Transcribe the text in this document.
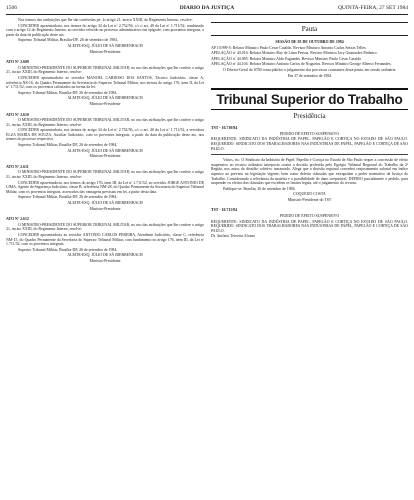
1506	DIARIO DA JUSTIÇA	QUINTA-FEIRA, 27 SET 1984

Nos termos das atribuições que lhe são conferidas pe- lo artigo 21, inciso XXIII, do Regimento Interno, resolve:

CONCEDER aposentadoria, nos termos do artigo 34 da Lei nº 2.752/56, c/c o art. 40 da Lei nº 1.711/52, combinado com o artigo 12 do Regimento Interno, ao servidor referido no processo administrativo em epígrafe, com proventos integrais, a partir da data da publicação deste ato.

Supremo Tribunal Militar, Brasília-DF, 26 de setembro de 1984.

ALMTE-ESQ. JÚLIO DE SÁ BIERRENBACH
Ministro-Presidente
ATO Nº 2.609

O MINISTRO-PRESIDENTE DO SUPERIOR TRIBUNAL MILITAR, no uso das atribuições que lhe confere o artigo 21, inciso XXIII, do Regimento Interno, resolve:

CONCEDER aposentadoria ao servidor MANOEL CARDOSO DOS SANTOS, Técnico Judiciário, classe A, referência NS-16, do Quadro Permanente da Secretaria do Superior Tribunal Militar, nos termos do artigo 176, item II, da Lei nº 1.711/52, com os proventos calculados na forma da lei.

Superior Tribunal Militar, Brasília-DF, 26 de setembro de 1984.

ALMTE-ESQ. JÚLIO DE SÁ BIERRENBACH
Ministro-Presidente
ATO Nº 2.610

O MINISTRO-PRESIDENTE DO SUPERIOR TRIBUNAL MILITAR, no uso das atribuições que lhe confere o artigo 21, inciso XXIII, do Regimento Interno, resolve:

CONCEDER aposentadoria, nos termos do artigo 34 da Lei nº 2.752/56, c/c o art. 40 da Lei nº 1.711/52, a servidora ELZA MARIA DE SOUZA, Auxiliar Judiciário, com os proventos integrais, a partir da data da publicação deste ato, nos termos do processo respectivo.

Superior Tribunal Militar, Brasília-DF, 26 de setembro de 1984.

ALMTE-ESQ. JÚLIO DE SÁ BIERRENBACH
Ministro-Presidente
ATO Nº 2.611

O MINISTRO-PRESIDENTE DO SUPERIOR TRIBUNAL MILITAR, no uso das atribuições que lhe confere o artigo 21, inciso XXIII, do Regimento Interno, resolve:

CONCEDER aposentadoria, nos termos do artigo 176, item III, da Lei nº 1.711/52, ao servidor JORGE ANTONIO DE LIMA, Agente de Segurança Judiciária, classe B, referência NM-28, do Quadro Permanente da Secretaria do Superior Tribunal Militar, com os proventos integrais, acrescidos das vantagens previstas em lei, a partir desta data.

Superior Tribunal Militar, Brasília-DF, 26 de setembro de 1984.

ALMTE-ESQ. JÚLIO DE SÁ BIERRENBACH
Ministro-Presidente
ATO Nº 2.612

O MINISTRO-PRESIDENTE DO SUPERIOR TRIBUNAL MILITAR, no uso das atribuições que lhe confere o artigo 21, inciso XXIII, do Regimento Interno, resolve:

CONCEDER aposentadoria ao servidor ANTONIO CARLOS PEREIRA, Atendente Judiciário, classe C, referência NM-15, do Quadro Permanente da Secretaria do Superior Tribunal Militar, com fundamento no artigo 176, item III, da Lei nº 1.711/52, com os proventos integrais.

Superior Tribunal Militar, Brasília-DF, 26 de setembro de 1984.

ALMTE-ESQ. JÚLIO DE SÁ BIERRENBACH
Ministro-Presidente
Pauta
SESSÃO DE 03 DE OUTUBRO DE 1984

AP 10.999-5: Relator Ministro Paulo Cesar Cataldo. Revisor Ministro Antonio Carlos Seixas Telles.

APELAÇÃO nº 44.016: Relator Ministro Ruy de Lima Pessoa. Revisor Ministro Jacy Guimarães Pinheiro.

APELAÇÃO nº 44.085: Relator Ministro Aldo Fagundes. Revisor Ministro Paulo Cesar Cataldo.

APELAÇÃO nº 44.104: Relator Ministro Antonio Carlos de Nogueira. Revisor Ministro George Alberto Fernandes.

O Diretor-Geral do STM torna público o julgamento dos processos constantes desta pauta, em sessão ordinária.

Em 27 de setembro de 1984
Tribunal Superior do Trabalho
Presidência
TST - 10.710/84
PEDIDO DE EFEITO SUSPENSIVO

REQUERENTE: SINDICATO DA INDÚSTRIA DE PAPEL, PAPELÃO E CORTIÇA NO ESTADO DE SÃO PAULO. REQUERIDO: SINDICATO DOS TRABALHADORES NAS INDÚSTRIAS DE PAPEL, PAPELÃO E CORTIÇA DE SÃO PAULO.

Vistos, etc. O Sindicato da Indústria de Papel, Papelão e Cortiça no Estado de São Paulo requer a concessão de efeito suspensivo ao recurso ordinário interposto contra a decisão proferida pelo Egrégio Tribunal Regional do Trabalho da 2ª Região, nos autos do dissídio coletivo instaurado. Alega que a decisão regional concedeu reajustamento salarial em índice superior ao previsto na legislação vigente, bem como deferiu cláusulas que extrapolam o poder normativo da Justiça do Trabalho. Considerando a relevância da matéria e a possibilidade de dano irreparável, DEFIRO parcialmente o pedido, para suspender os efeitos das cláusulas que excedem os limites legais, até o julgamento do recurso.

Publique-se. Brasília, 26 de setembro de 1984.

COQUEIJO COSTA
Ministro-Presidente do TST
TST - 10.711/84
PEDIDO DE EFEITO SUSPENSIVO

REQUERENTE: SINDICATO DA INDÚSTRIA DE PAPEL, PAPELÃO E CORTIÇA NO ESTADO DE SÃO PAULO. REQUERIDO: SINDICATO DOS TRABALHADORES NAS INDÚSTRIAS DE PAPEL, PAPELÃO E CORTIÇA DE SÃO PAULO.

Dr. Antônio Teixeira Afonso
